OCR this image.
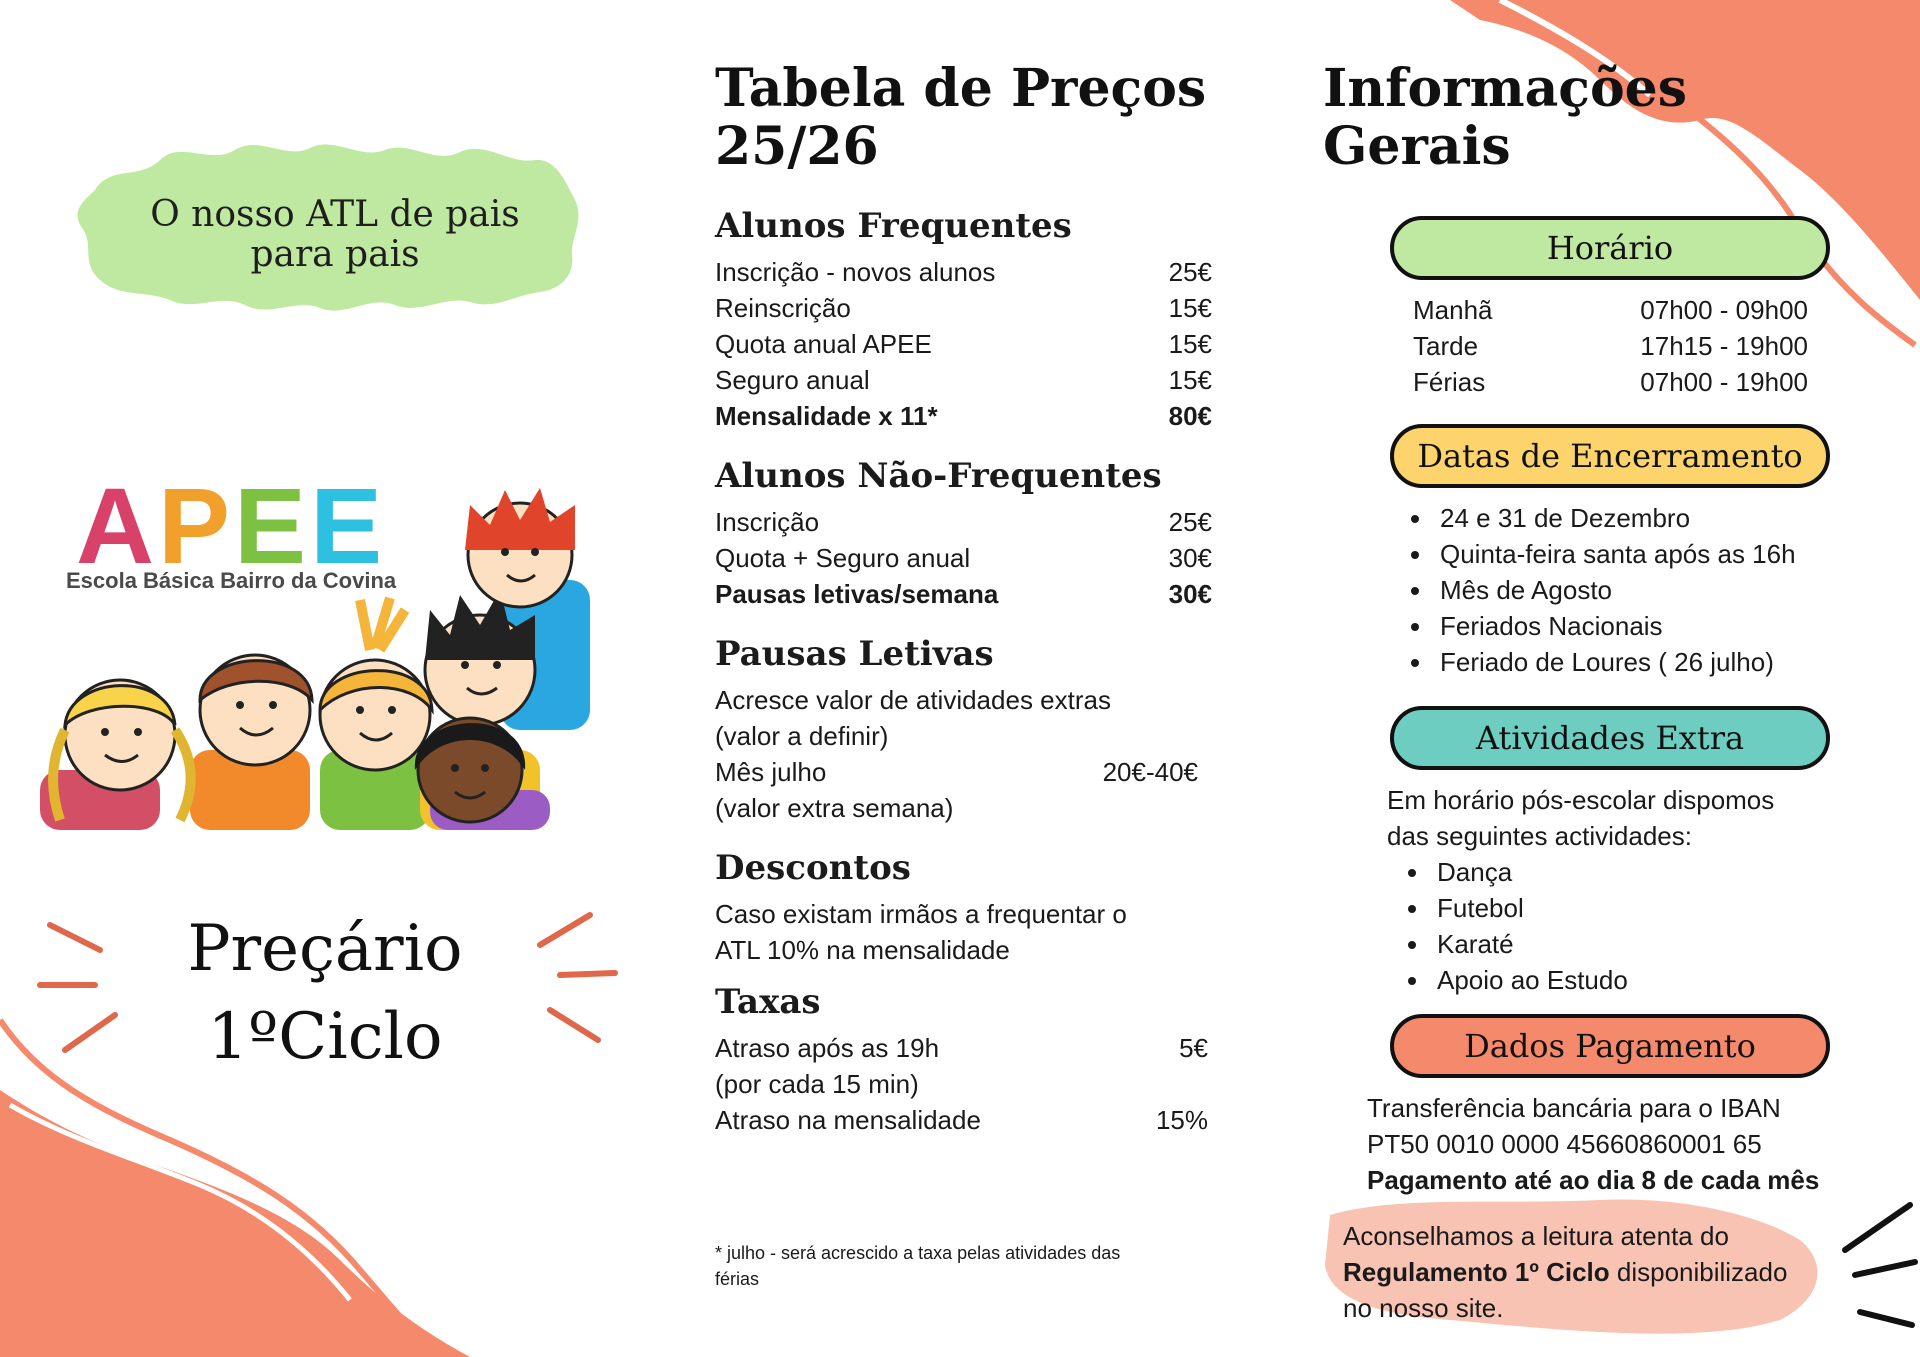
O nosso ATL de pais
para pais
APEE
Escola Básica Bairro da Covina
Preçário
1ºCiclo
Tabela de Preços
25/26
Alunos Frequentes
Inscrição - novos alunos	25€
Reinscrição	15€
Quota anual APEE	15€
Seguro anual	15€
Mensalidade x 11*	80€
Alunos Não-Frequentes
Inscrição	25€
Quota + Seguro anual	30€
Pausas letivas/semana	30€
Pausas Letivas
Acresce valor de atividades extras
(valor a definir)
Mês julho	20€-40€
(valor extra semana)
Descontos
Caso existam irmãos a frequentar o
ATL 10% na mensalidade
Taxas
Atraso após as 19h	5€
(por cada 15 min)
Atraso na mensalidade	15%
* julho - será acrescido a taxa pelas atividades das
férias
Informações
Gerais
Horário
Manhã	07h00 - 09h00
Tarde	17h15 - 19h00
Férias	07h00 - 19h00
Datas de Encerramento
• 24 e 31 de Dezembro
• Quinta-feira santa após as 16h
• Mês de Agosto
• Feriados Nacionais
• Feriado de Loures ( 26 julho)
Atividades Extra
Em horário pós-escolar dispomos
das seguintes actividades:
• Dança
• Futebol
• Karaté
• Apoio ao Estudo
Dados Pagamento
Transferência bancária para o IBAN
PT50 0010 0000 45660860001 65
Pagamento até ao dia 8 de cada mês
Aconselhamos a leitura atenta do
Regulamento 1º Ciclo disponibilizado
no nosso site.
